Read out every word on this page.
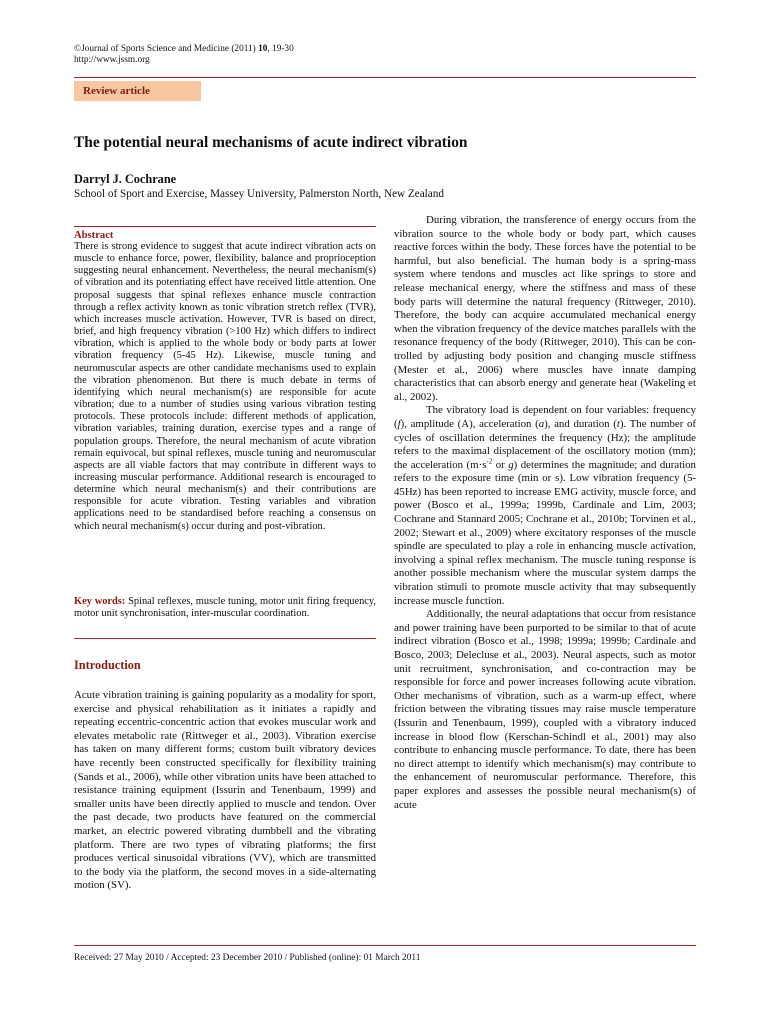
©Journal of Sports Science and Medicine (2011) 10, 19-30
http://www.jssm.org
Review article
The potential neural mechanisms of acute indirect vibration
Darryl J. Cochrane
School of Sport and Exercise, Massey University, Palmerston North, New Zealand
Abstract

There is strong evidence to suggest that acute indirect vibration acts on muscle to enhance force, power, flexibility, balance and proprioception suggesting neural enhancement. Nevertheless, the neural mechanism(s) of vibration and its potentiating effect have received little attention. One proposal suggests that spinal reflexes enhance muscle contraction through a reflex activity known as tonic vibration stretch reflex (TVR), which increases muscle activation. However, TVR is based on direct, brief, and high frequency vibration (>100 Hz) which differs to indirect vibration, which is applied to the whole body or body parts at lower vibration frequency (5-45 Hz). Likewise, muscle tuning and neuromuscular aspects are other candidate mechanisms used to explain the vibration phenomenon. But there is much debate in terms of identifying which neural mechanism(s) are responsible for acute vibration; due to a number of studies using various vibration testing protocols. These protocols include: different methods of application, vibration variables, training duration, exercise types and a range of population groups. Therefore, the neural mechanism of acute vibration remain equivocal, but spinal reflexes, muscle tuning and neuromuscular aspects are all viable factors that may contribute in different ways to increasing muscular performance. Additional research is encouraged to determine which neural mechanism(s) and their contributions are responsible for acute vibration. Testing variables and vibration applications need to be standardised before reaching a consensus on which neural mechanism(s) occur during and post-vibration.

Key words: Spinal reflexes, muscle tuning, motor unit firing frequency, motor unit synchronisation, inter-muscular coordination.
Introduction

Acute vibration training is gaining popularity as a modality for sport, exercise and physical rehabilitation as it initiates a rapidly and repeating eccentric-concentric action that evokes muscular work and elevates metabolic rate (Rittweger et al., 2003). Vibration exercise has taken on many different forms; custom built vibratory devices have recently been constructed specifically for flexibility training (Sands et al., 2006), while other vibration units have been attached to resistance training equipment (Issurin and Tenenbaum, 1999) and smaller units have been directly applied to muscle and tendon. Over the past decade, two products have featured on the commercial market, an electric powered vibrating dumbbell and the vibrating platform. There are two types of vibrating platforms; the first produces vertical sinusoidal vibrations (VV), which are transmitted to the body via the platform, the second moves in a side-alternating motion (SV).

During vibration, the transference of energy occurs from the vibration source to the whole body or body part, which causes reactive forces within the body. These forces have the potential to be harmful, but also beneficial. The human body is a spring-mass system where tendons and muscles act like springs to store and release mechanical energy, where the stiffness and mass of these body parts will determine the natural frequency (Rittweger, 2010). Therefore, the body can acquire accumulated mechanical energy when the vibration frequency of the device matches parallels with the resonance frequency of the body (Rittweger, 2010). This can be controlled by adjusting body position and changing muscle stiffness (Mester et al., 2006) where muscles have innate damping characteristics that can absorb energy and generate heat (Wakeling et al., 2002).

The vibratory load is dependent on four variables: frequency (f), amplitude (A), acceleration (a), and duration (t). The number of cycles of oscillation determines the frequency (Hz); the amplitude refers to the maximal displacement of the oscillatory motion (mm); the acceleration ($m\cdot s^{-2}$ or g) determines the magnitude; and duration refers to the exposure time (min or s). Low vibration frequency (5-45Hz) has been reported to increase EMG activity, muscle force, and power (Bosco et al., 1999a; 1999b, Cardinale and Lim, 2003; Cochrane and Stannard 2005; Cochrane et al., 2010b; Torvinen et al., 2002; Stewart et al., 2009) where excitatory responses of the muscle spindle are speculated to play a role in enhancing muscle activation, involving a spinal reflex mechanism. The muscle tuning response is another possible mechanism where the muscular system damps the vibration stimuli to promote muscle activity that may subsequently increase muscle function.

Additionally, the neural adaptations that occur from resistance and power training have been purported to be similar to that of acute indirect vibration (Bosco et al., 1998; 1999a; 1999b; Cardinale and Bosco, 2003; Delecluse et al., 2003). Neural aspects, such as motor unit recruitment, synchronisation, and co-contraction may be responsible for force and power increases following acute vibration. Other mechanisms of vibration, such as a warm-up effect, where friction between the vibrating tissues may raise muscle temperature (Issurin and Tenenbaum, 1999), coupled with a vibratory induced increase in blood flow (Kerschan-Schindl et al., 2001) may also contribute to enhancing muscle performance. To date, there has been no direct attempt to identify which mechanism(s) may contribute to the enhancement of neuromuscular performance. Therefore, this paper explores and assesses the possible neural mechanism(s) of acute

Received: 27 May 2010 / Accepted: 23 December 2010 / Published (online): 01 March 2011
